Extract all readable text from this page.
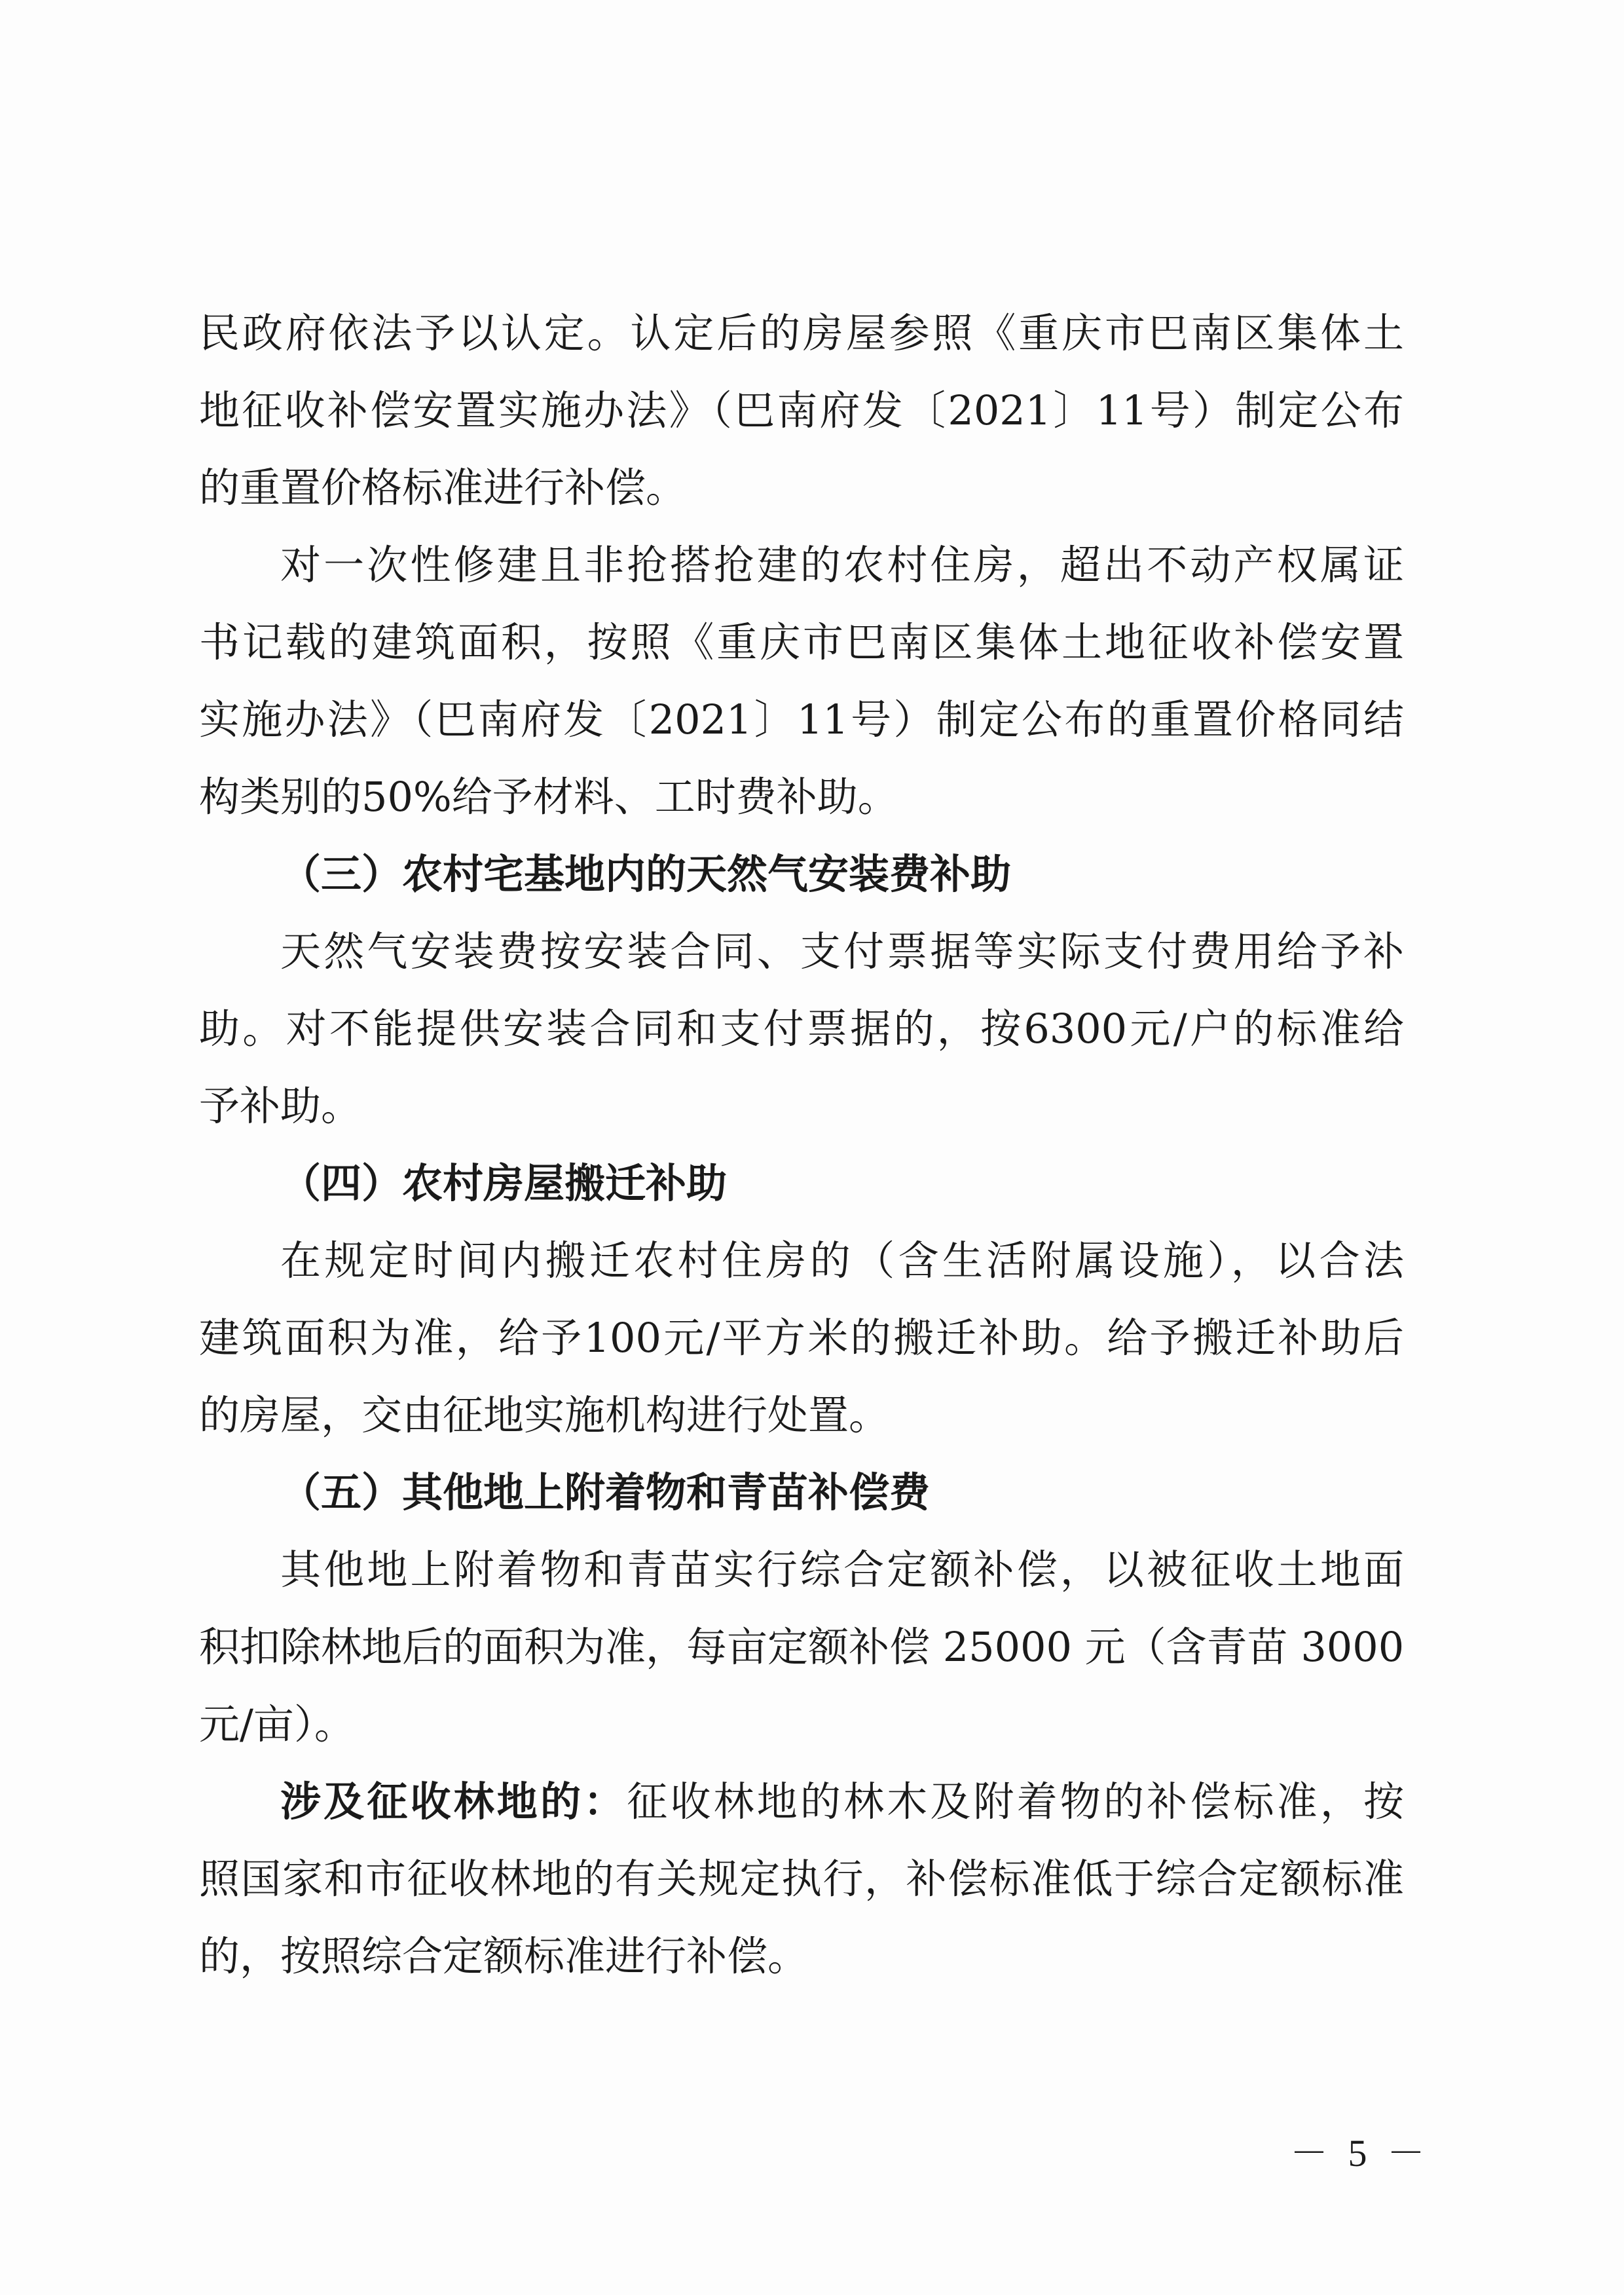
民政府依法予以认定。认定后的房屋参照《重庆市巴南区集体土
地征收补偿安置实施办法》（巴南府发〔2021〕11号）制定公布
的重置价格标准进行补偿。
对一次性修建且非抢搭抢建的农村住房，超出不动产权属证
书记载的建筑面积，按照《重庆市巴南区集体土地征收补偿安置
实施办法》（巴南府发〔2021〕11号）制定公布的重置价格同结
构类别的50%给予材料、工时费补助。
（三）农村宅基地内的天然气安装费补助
天然气安装费按安装合同、支付票据等实际支付费用给予补
助。对不能提供安装合同和支付票据的，按6300元/户的标准给
予补助。
（四）农村房屋搬迁补助
在规定时间内搬迁农村住房的（含生活附属设施），以合法
建筑面积为准，给予100元/平方米的搬迁补助。给予搬迁补助后
的房屋，交由征地实施机构进行处置。
（五）其他地上附着物和青苗补偿费
其他地上附着物和青苗实行综合定额补偿，以被征收土地面
积扣除林地后的面积为准，每亩定额补偿 25000 元（含青苗 3000
元/亩）。
涉及征收林地的：征收林地的林木及附着物的补偿标准，按
照国家和市征收林地的有关规定执行，补偿标准低于综合定额标准
的，按照综合定额标准进行补偿。
－ 5 －
